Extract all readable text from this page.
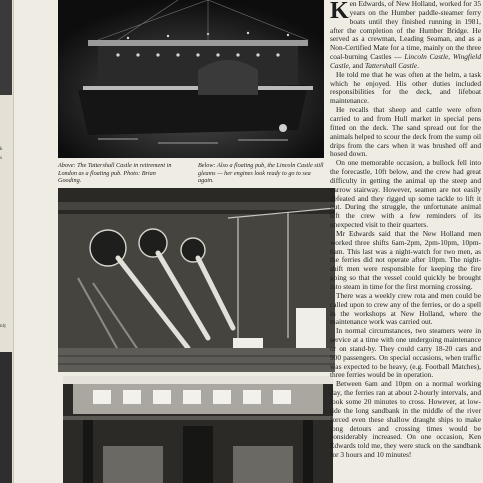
k
s
nly
Above: The Tattershall Castle in retirement in London as a floating pub. Photo: Brian Gooding.
Below: Also a floating pub, the Lincoln Castle still gleams — her engines look ready to go to sea again.

Ken Edwards, of New Holland, worked for 35 years on the Humber paddle-steamer ferry boats until they finished running in 1981, after the completion of the Humber Bridge. He served as a crewman, Leading Seaman, and as a Non-Certified Mate for a time, mainly on the three coal-burning Castles — Lincoln Castle, Wingfield Castle, and Tattershall Castle.

He told me that he was often at the helm, a task which he enjoyed. His other duties included responsibilities for the deck, and lifeboat maintenance.

He recalls that sheep and cattle were often carried to and from Hull market in special pens fitted on the deck. The sand spread out for the animals helped to scour the deck from the sump oil drips from the cars when it was brushed off and hosed down.

On one memorable occasion, a bullock fell into the forecastle, 10ft below, and the crew had great difficulty in getting the animal up the steep and narrow stairway. However, seamen are not easily defeated and they rigged up some tackle to lift it out. During the struggle, the unfortunate animal left the crew with a few reminders of its unexpected visit to their quarters.

Mr Edwards said that the New Holland men worked three shifts 6am-2pm, 2pm-10pm, 10pm-6am. This last was a night-watch for two men, as the ferries did not operate after 10pm. The night-shift men were responsible for keeping the fire going so that the vessel could quickly be brought into steam in time for the first morning crossing.

There was a weekly crew rota and men could be called upon to crew any of the ferries, or do a spell in the workshops at New Holland, where the maintenance work was carried out.

In normal circumstances, two steamers were in service at a time with one undergoing maintenance or on stand-by. They could carry 18-20 cars and 900 passengers. On special occasions, when traffic was expected to be heavy, (e.g. Football Matches), three ferries would be in operation.

Between 6am and 10pm on a normal working day, the ferries ran at about 2-hourly intervals, and took some 20 minutes to cross. However, at low-tide the long sandbank in the middle of the river forced even these shallow draught ships to make long detours and crossing times would be considerably increased. On one occasion, Ken Edwards told me, they were stuck on the sandbank for 3 hours and 10 minutes!
